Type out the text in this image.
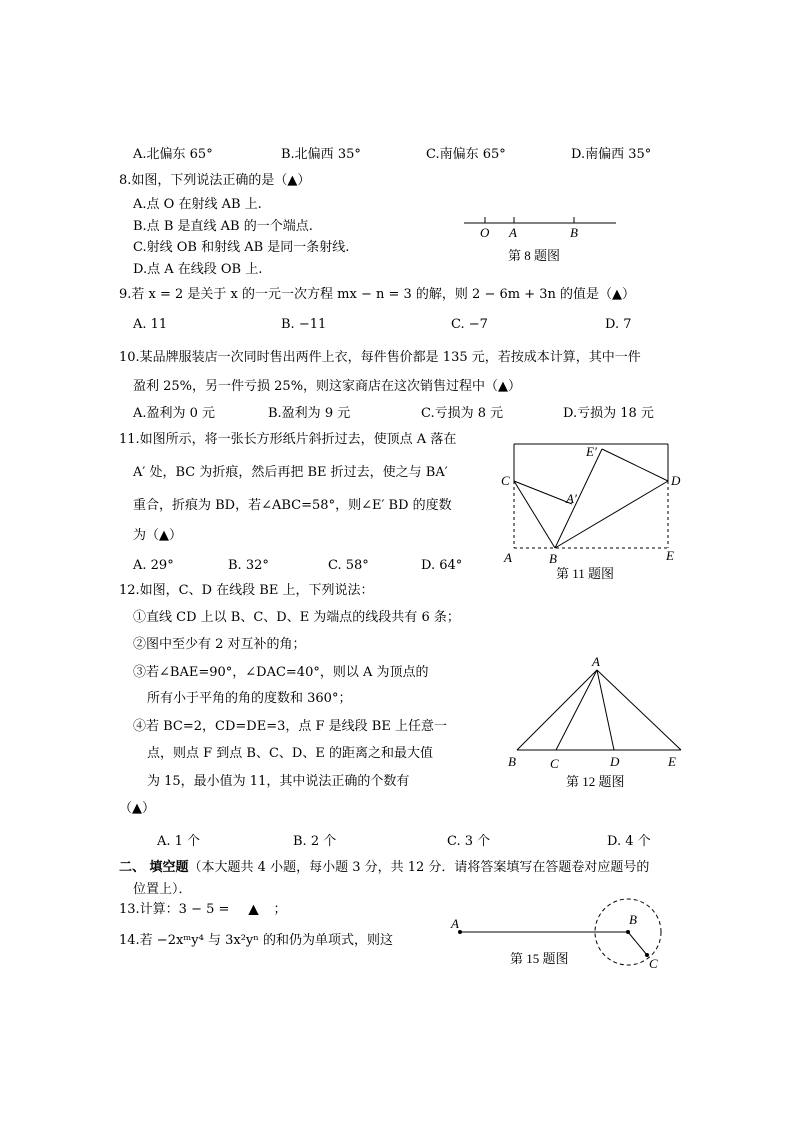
A.北偏东 65°	B.北偏西 35°	C.南偏东 65°	D.南偏西 35°
8.如图，下列说法正确的是（▲）
A.点 O 在射线 AB 上.
B.点 B 是直线 AB 的一个端点.
C.射线 OB 和射线 AB 是同一条射线.
D.点 A 在线段 OB 上.
O A	B
第 8 题图
9.若 x = 2 是关于 x 的一元一次方程 mx − n = 3 的解，则 2 − 6m + 3n 的值是（▲）
A. 11	B. −11	C. −7	D. 7
10.某品牌服装店一次同时售出两件上衣，每件售价都是 135 元，若按成本计算，其中一件
盈利 25%，另一件亏损 25%，则这家商店在这次销售过程中（▲）
A.盈利为 0 元	B.盈利为 9 元	C.亏损为 8 元	D.亏损为 18 元
11.如图所示，将一张长方形纸片斜折过去，使顶点 A 落在
A′ 处，BC 为折痕，然后再把 BE 折过去，使之与 BA′
重合，折痕为 BD，若∠ABC=58°，则∠E′ BD 的度数
为（▲）
A. 29°	B. 32°	C. 58°	D. 64°
E′
C	D
A′
A	B	E
第 11 题图
12.如图，C、D 在线段 BE 上，下列说法：
①直线 CD 上以 B、C、D、E 为端点的线段共有 6 条；
②图中至少有 2 对互补的角；
③若∠BAE=90°，∠DAC=40°，则以 A 为顶点的
所有小于平角的角的度数和 360°；
④若 BC=2，CD=DE=3，点 F 是线段 BE 上任意一
点，则点 F 到点 B、C、D、E 的距离之和最大值
为 15，最小值为 11，其中说法正确的个数有
（▲）
A. 1 个	B. 2 个	C. 3 个	D. 4 个
A
B	C	D	E
第 12 题图
二、 填空题（本大题共 4 小题，每小题 3 分，共 12 分．请将答案填写在答题卷对应题号的
位置上）．
13.计算：3 − 5 = ▲ ；
14.若 −2xᵐy⁴ 与 3x²yⁿ 的和仍为单项式，则这
A	B
C
第 15 题图
